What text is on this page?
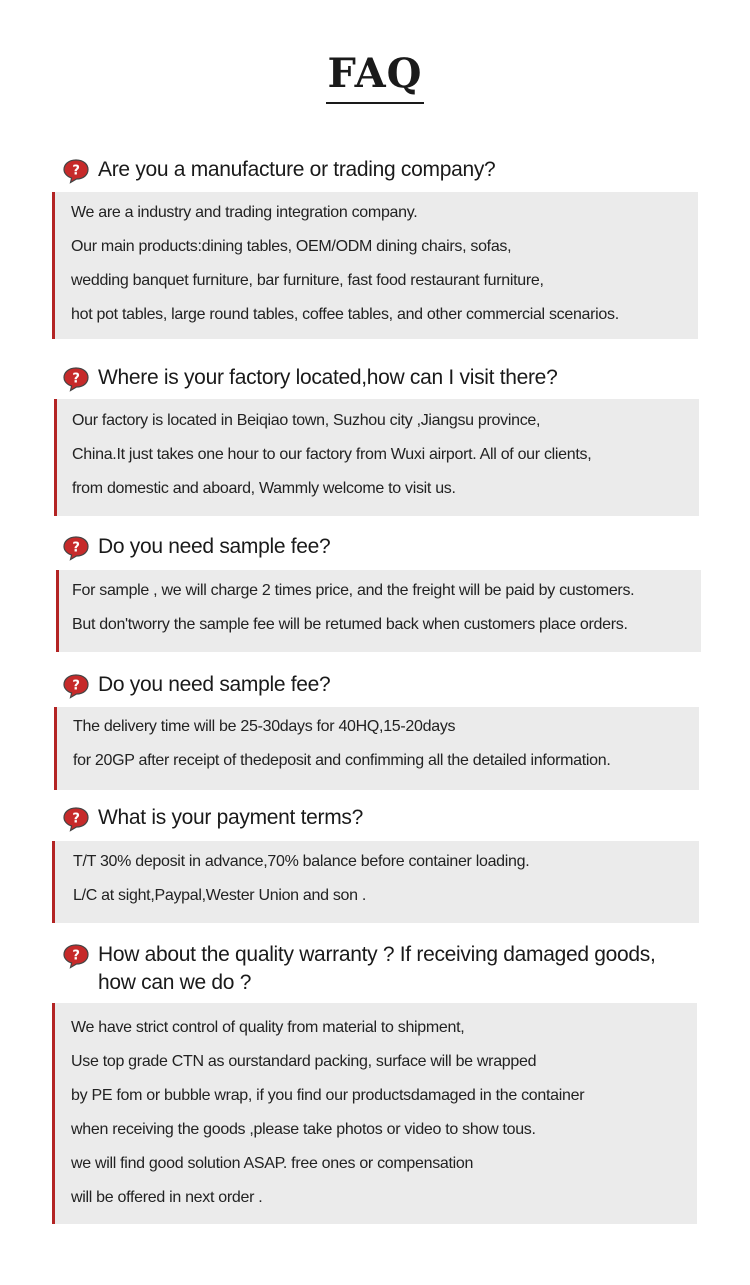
FAQ
? Are you a manufacture or trading company?
We are a industry and trading integration company.
Our main products:dining tables, OEM/ODM dining chairs, sofas,
wedding banquet furniture, bar furniture, fast food restaurant furniture,
hot pot tables, large round tables, coffee tables, and other commercial scenarios.
? Where is your factory located,how can I visit there?
Our factory is located in Beiqiao town, Suzhou city ,Jiangsu province,
China.It just takes one hour to our factory from Wuxi airport. All of our clients,
from domestic and aboard, Wammly welcome to visit us.
? Do you need sample fee?
For sample , we will charge 2 times price, and the freight will be paid by customers.
But don'tworry the sample fee will be retumed back when customers place orders.
? Do you need sample fee?
The delivery time will be 25-30days for 40HQ,15-20days
for 20GP after receipt of thedeposit and confimming all the detailed information.
? What is your payment terms?
T/T 30% deposit in advance,70% balance before container loading.
L/C at sight,Paypal,Wester Union and son .
? How about the quality warranty ? If receiving damaged goods,
how can we do ?
We have strict control of quality from material to shipment,
Use top grade CTN as ourstandard packing, surface will be wrapped
by PE fom or bubble wrap, if you find our productsdamaged in the container
when receiving the goods ,please take photos or video to show tous.
we will find good solution ASAP. free ones or compensation
will be offered in next order .
